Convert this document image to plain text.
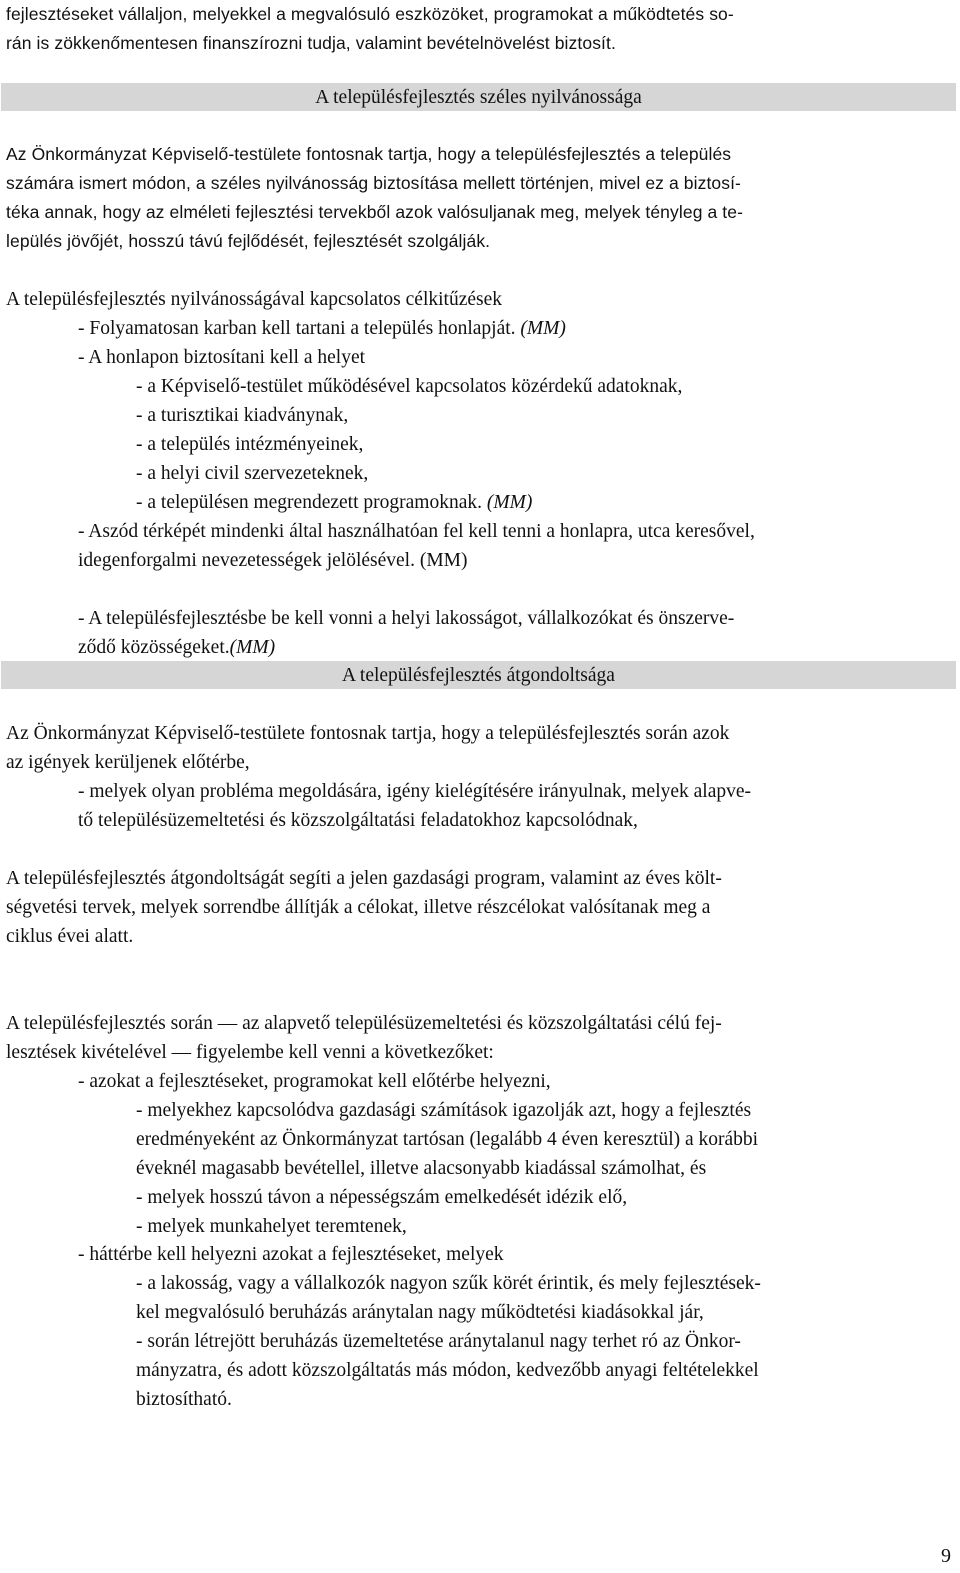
fejlesztéseket vállaljon, melyekkel a megvalósuló eszközöket, programokat a működtetés so-
rán is zökkenőmentesen finanszírozni tudja, valamint bevételnövelést biztosít.
A településfejlesztés széles nyilvánossága
Az Önkormányzat Képviselő-testülete fontosnak tartja, hogy a településfejlesztés a település
számára ismert módon, a széles nyilvánosság biztosítása mellett történjen, mivel ez a biztosí-
téka annak, hogy az elméleti fejlesztési tervekből azok valósuljanak meg, melyek tényleg a te-
lepülés jövőjét, hosszú távú fejlődését, fejlesztését szolgálják.
A településfejlesztés nyilvánosságával kapcsolatos célkitűzések
- Folyamatosan karban kell tartani a település honlapját. (MM)
- A honlapon biztosítani kell a helyet
- a Képviselő-testület működésével kapcsolatos közérdekű adatoknak,
- a turisztikai kiadványnak,
- a település intézményeinek,
- a helyi civil szervezeteknek,
- a településen megrendezett programoknak. (MM)
- Aszód térképét mindenki által használhatóan fel kell tenni a honlapra, utca keresővel,
idegenforgalmi nevezetességek jelölésével. (MM)
- A településfejlesztésbe be kell vonni a helyi lakosságot, vállalkozókat és önszerve-
ződő közösségeket.(MM)
A településfejlesztés átgondoltsága
Az Önkormányzat Képviselő-testülete fontosnak tartja, hogy a településfejlesztés során azok
az igények kerüljenek előtérbe,
- melyek olyan probléma megoldására, igény kielégítésére irányulnak, melyek alapve-
tő településüzemeltetési és közszolgáltatási feladatokhoz kapcsolódnak,
A településfejlesztés átgondoltságát segíti a jelen gazdasági program, valamint az éves költ-
ségvetési tervek, melyek sorrendbe állítják a célokat, illetve részcélokat valósítanak meg a
ciklus évei alatt.
A településfejlesztés során — az alapvető településüzemeltetési és közszolgáltatási célú fej-
lesztések kivételével — figyelembe kell venni a következőket:
- azokat a fejlesztéseket, programokat kell előtérbe helyezni,
- melyekhez kapcsolódva gazdasági számítások igazolják azt, hogy a fejlesztés
eredményeként az Önkormányzat tartósan (legalább 4 éven keresztül) a korábbi
éveknél magasabb bevétellel, illetve alacsonyabb kiadással számolhat, és
- melyek hosszú távon a népességszám emelkedését idézik elő,
- melyek munkahelyet teremtenek,
- háttérbe kell helyezni azokat a fejlesztéseket, melyek
- a lakosság, vagy a vállalkozók nagyon szűk körét érintik, és mely fejlesztések-
kel megvalósuló beruházás aránytalan nagy működtetési kiadásokkal jár,
- során létrejött beruházás üzemeltetése aránytalanul nagy terhet ró az Önkor-
mányzatra, és adott közszolgáltatás más módon, kedvezőbb anyagi feltételekkel
biztosítható.
9
